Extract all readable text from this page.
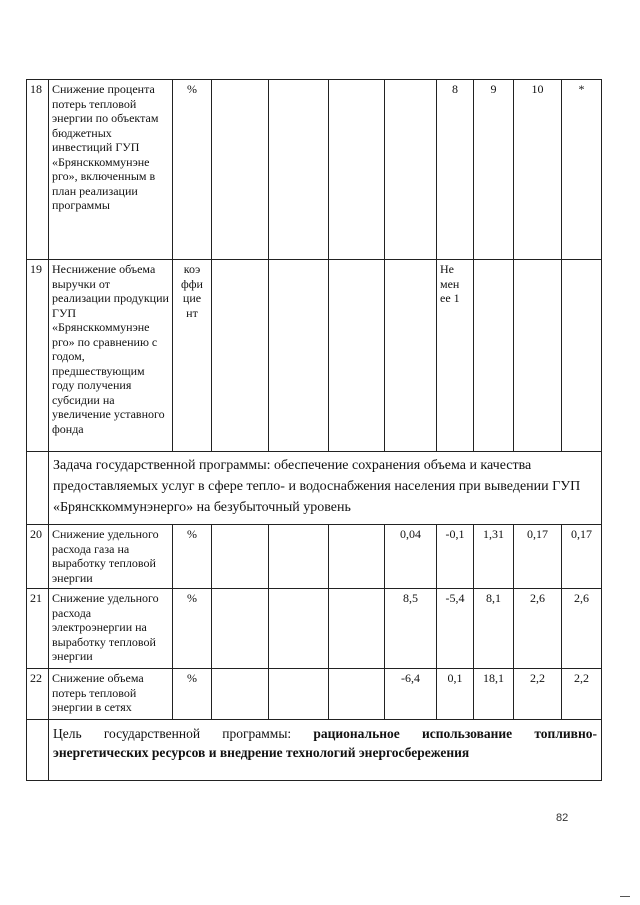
18	Снижение процента потерь тепловой энергии по объектам бюджетных инвестиций ГУП «Брянсккоммунэне рго», включенным в план реализации программы	%					8	9	10	*
19	Неснижение объема выручки от реализации продукции ГУП «Брянсккоммунэне рго» по сравнению с годом, предшествующим году получения субсидии на увеличение уставного фонда	коэ ффи цие нт					Не мен ее 1			
	Задача государственной программы: обеспечение сохранения объема и качества предоставляемых услуг в сфере тепло- и водоснабжения населения при выведении ГУП «Брянсккоммунэнерго» на безубыточный уровень									
20	Снижение удельного расхода газа на выработку тепловой энергии	%				0,04	-0,1	1,31	0,17	0,17
21	Снижение удельного расхода электроэнергии на выработку тепловой энергии	%				8,5	-5,4	8,1	2,6	2,6
22	Снижение объема потерь тепловой энергии в сетях	%				-6,4	0,1	18,1	2,2	2,2
	Цель государственной программы: рациональное использование топливно-энергетических ресурсов и внедрение технологий энергосбережения									
82
